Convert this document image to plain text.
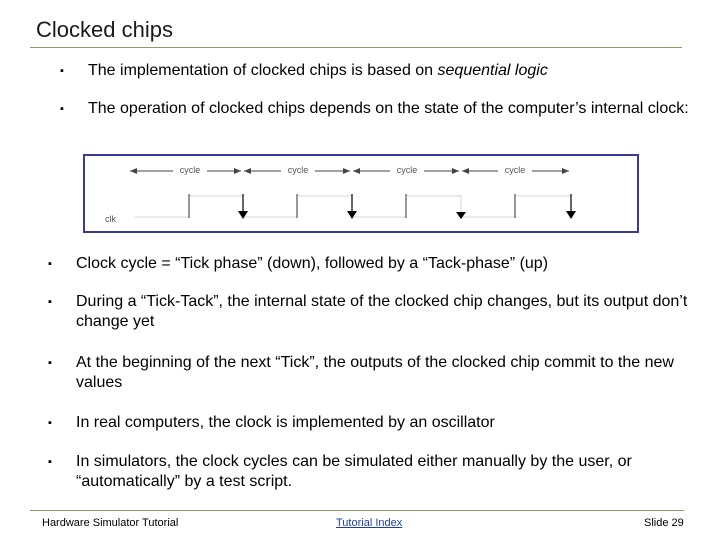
Clocked chips
▪ The implementation of clocked chips is based on sequential logic
▪ The operation of clocked chips depends on the state of the computer’s internal clock:
cycle	cycle	cycle	cycle
clk
▪ Clock cycle = “Tick phase” (down), followed by a “Tack-phase” (up)
▪ During a “Tick-Tack”, the internal state of the clocked chip changes, but its output don’t change yet
▪ At the beginning of the next “Tick”, the outputs of the clocked chip commit to the new values
▪ In real computers, the clock is implemented by an oscillator
▪ In simulators, the clock cycles can be simulated either manually by the user, or “automatically” by a test script.
Hardware Simulator Tutorial	Tutorial Index	Slide 29
